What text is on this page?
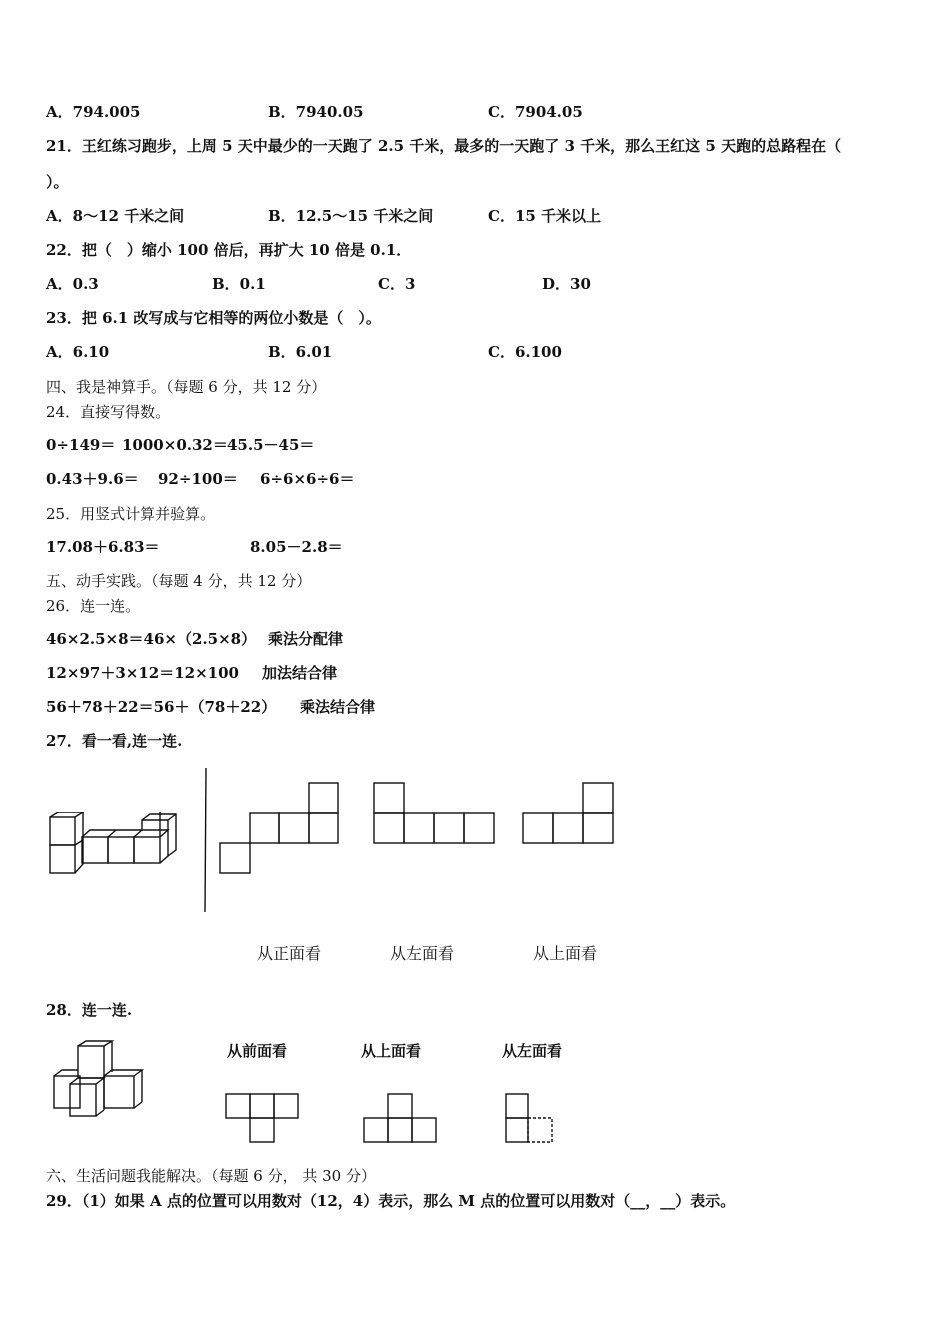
A．794.005	B．7940.05	C．7904.05
21．王红练习跑步，上周 5 天中最少的一天跑了 2.5 千米，最多的一天跑了 3 千米，那么王红这 5 天跑的总路程在（
）。
A．8～12 千米之间	B．12.5～15 千米之间	C．15 千米以上
22．把（　）缩小 100 倍后，再扩大 10 倍是 0.1．
A．0.3	B．0.1	C．3	D．30
23．把 6.1 改写成与它相等的两位小数是（　）。
A．6.10	B．6.01	C．6.100
四、我是神算手。（每题 6 分，共 12 分）
24．直接写得数。
0÷149＝ 1000×0.32＝ 45.5－45＝
0.43＋9.6＝ 92÷100＝ 6÷6×6÷6＝
25．用竖式计算并验算。
17.08＋6.83＝	8.05－2.8＝
五、动手实践。（每题 4 分，共 12 分）
26．连一连。
46×2.5×8＝46×（2.5×8） 乘法分配律
12×97＋3×12＝12×100 加法结合律
56＋78＋22＝56＋（78＋22） 乘法结合律
27．看一看,连一连.
从正面看	从左面看	从上面看
28．连一连.
从前面看	从上面看	从左面看
六、生活问题我能解决。（每题 6 分， 共 30 分）
29．（1）如果 A 点的位置可以用数对（12，4）表示，那么 M 点的位置可以用数对（__，__）表示。
